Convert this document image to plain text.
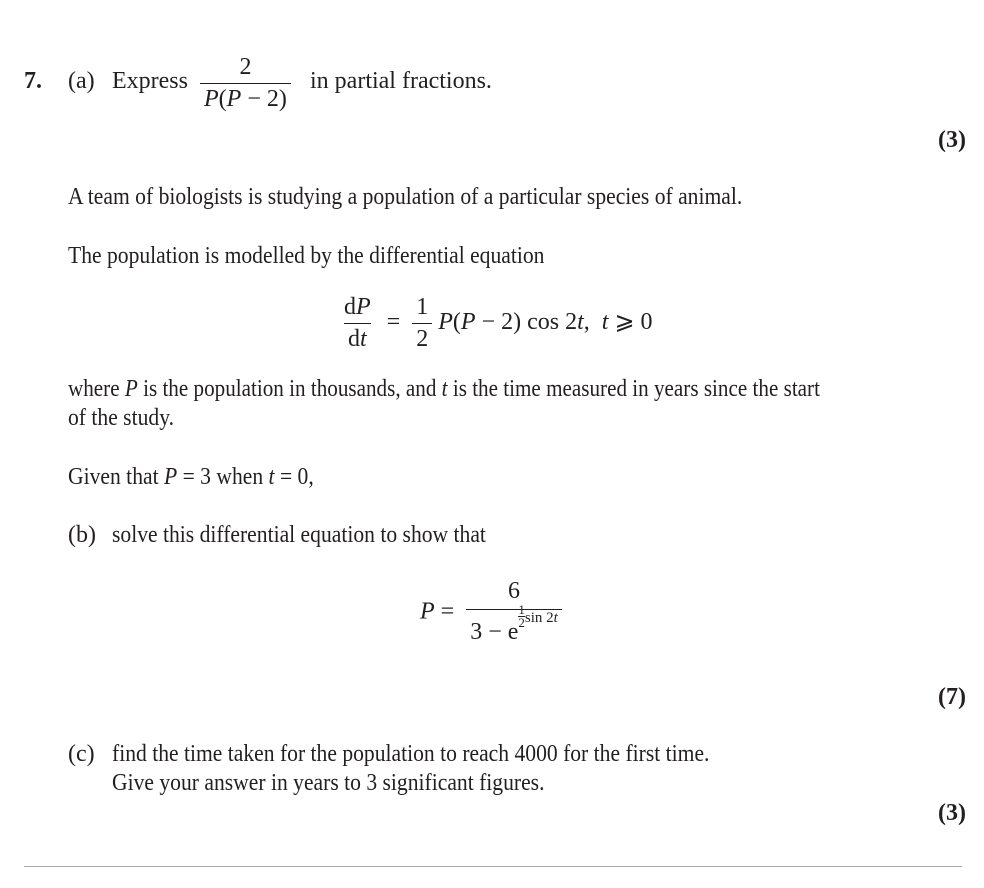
7. (a) Express $\frac{2}{P(P - 2)}$ in partial fractions.
(3)
A team of biologists is studying a population of a particular species of animal.
The population is modelled by the differential equation
$\frac{dP}{dt} = \frac{1}{2} P(P - 2)$ cos 2t,  t ⩾ 0
where P is the population in thousands, and t is the time measured in years since the start
of the study.
Given that P = 3 when t = 0,
(b) solve this differential equation to show that
P = 6
3 − e
$\frac{1}{2} ^{sin 2t}$
(7)
(c) find the time taken for the population to reach 4000 for the first time.
Give your answer in years to 3 significant figures.
(3)
